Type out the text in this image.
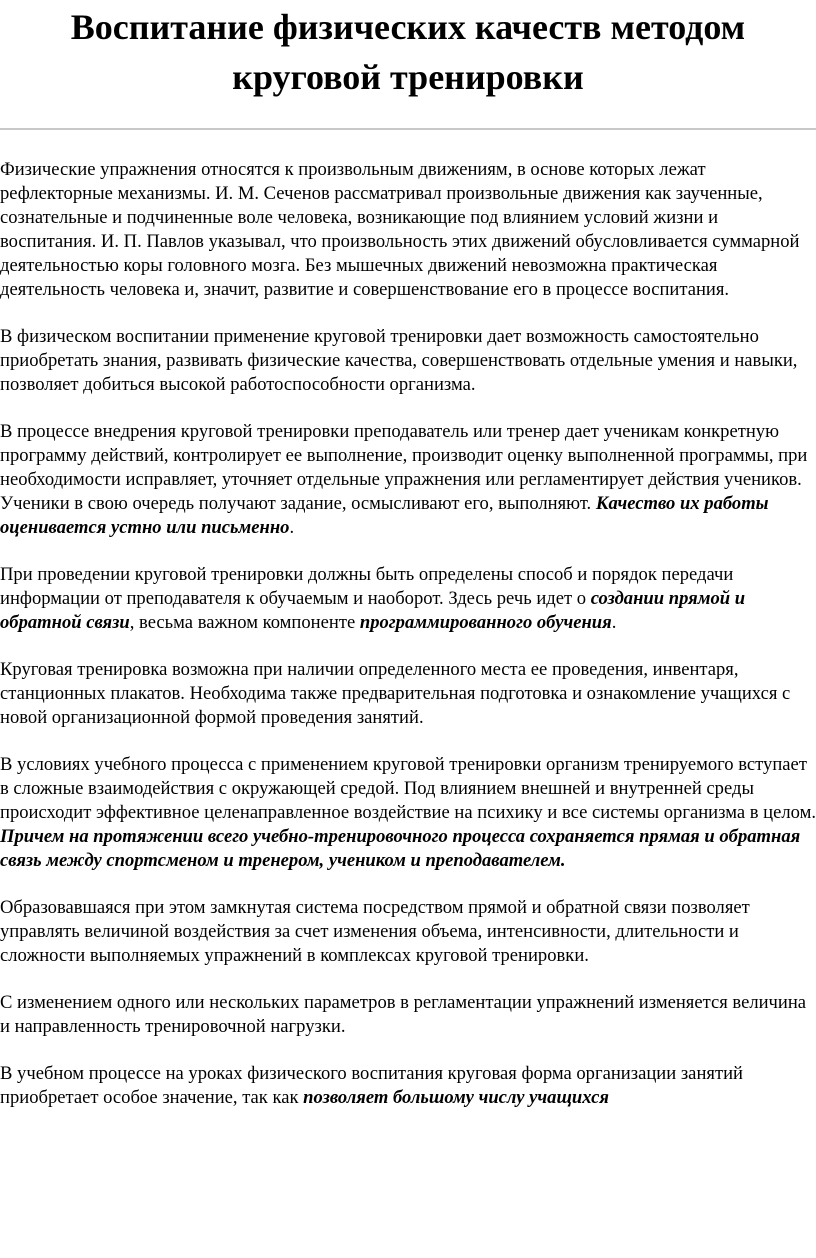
Воспитание физических качеств методом круговой тренировки

Физические упражнения относятся к произвольным движениям, в основе которых лежат рефлекторные механизмы. И. М. Сеченов рассматривал произвольные движения как заученные, сознательные и подчиненные воле человека, возникающие под влиянием условий жизни и воспитания. И. П. Павлов указывал, что произвольность этих движений обусловливается суммарной деятельностью коры головного мозга. Без мышечных движений невозможна практическая деятельность человека и, значит, развитие и совершенствование его в процессе воспитания.

В физическом воспитании применение круговой тренировки дает возможность самостоятельно приобретать знания, развивать физические качества, совершенствовать отдельные умения и навыки, позволяет добиться высокой работоспособности организма.

В процессе внедрения круговой тренировки преподаватель или тренер дает ученикам конкретную программу действий, контролирует ее выполнение, производит оценку выполненной программы, при необходимости исправляет, уточняет отдельные упражнения или регламентирует действия учеников. Ученики в свою очередь получают задание, осмысливают его, выполняют. Качество их работы оценивается устно или письменно.

При проведении круговой тренировки должны быть определены способ и порядок передачи информации от преподавателя к обучаемым и наоборот. Здесь речь идет о создании прямой и обратной связи, весьма важном компоненте программированного обучения.

Круговая тренировка возможна при наличии определенного места ее проведения, инвентаря, станционных плакатов. Необходима также предварительная подготовка и ознакомление учащихся с новой организационной формой проведения занятий.

В условиях учебного процесса с применением круговой тренировки организм тренируемого вступает в сложные взаимодействия с окружающей средой. Под влиянием внешней и внутренней среды происходит эффективное целенаправленное воздействие на психику и все системы организма в целом. Причем на протяжении всего учебно-тренировочного процесса сохраняется прямая и обратная связь между спортсменом и тренером, учеником и преподавателем.

Образовавшаяся при этом замкнутая система посредством прямой и обратной связи позволяет управлять величиной воздействия за счет изменения объема, интенсивности, длительности и сложности выполняемых упражнений в комплексах круговой тренировки.

С изменением одного или нескольких параметров в регламентации упражнений изменяется величина и направленность тренировочной нагрузки.

В учебном процессе на уроках физического воспитания круговая форма организации занятий приобретает особое значение, так как позволяет большому числу учащихся
